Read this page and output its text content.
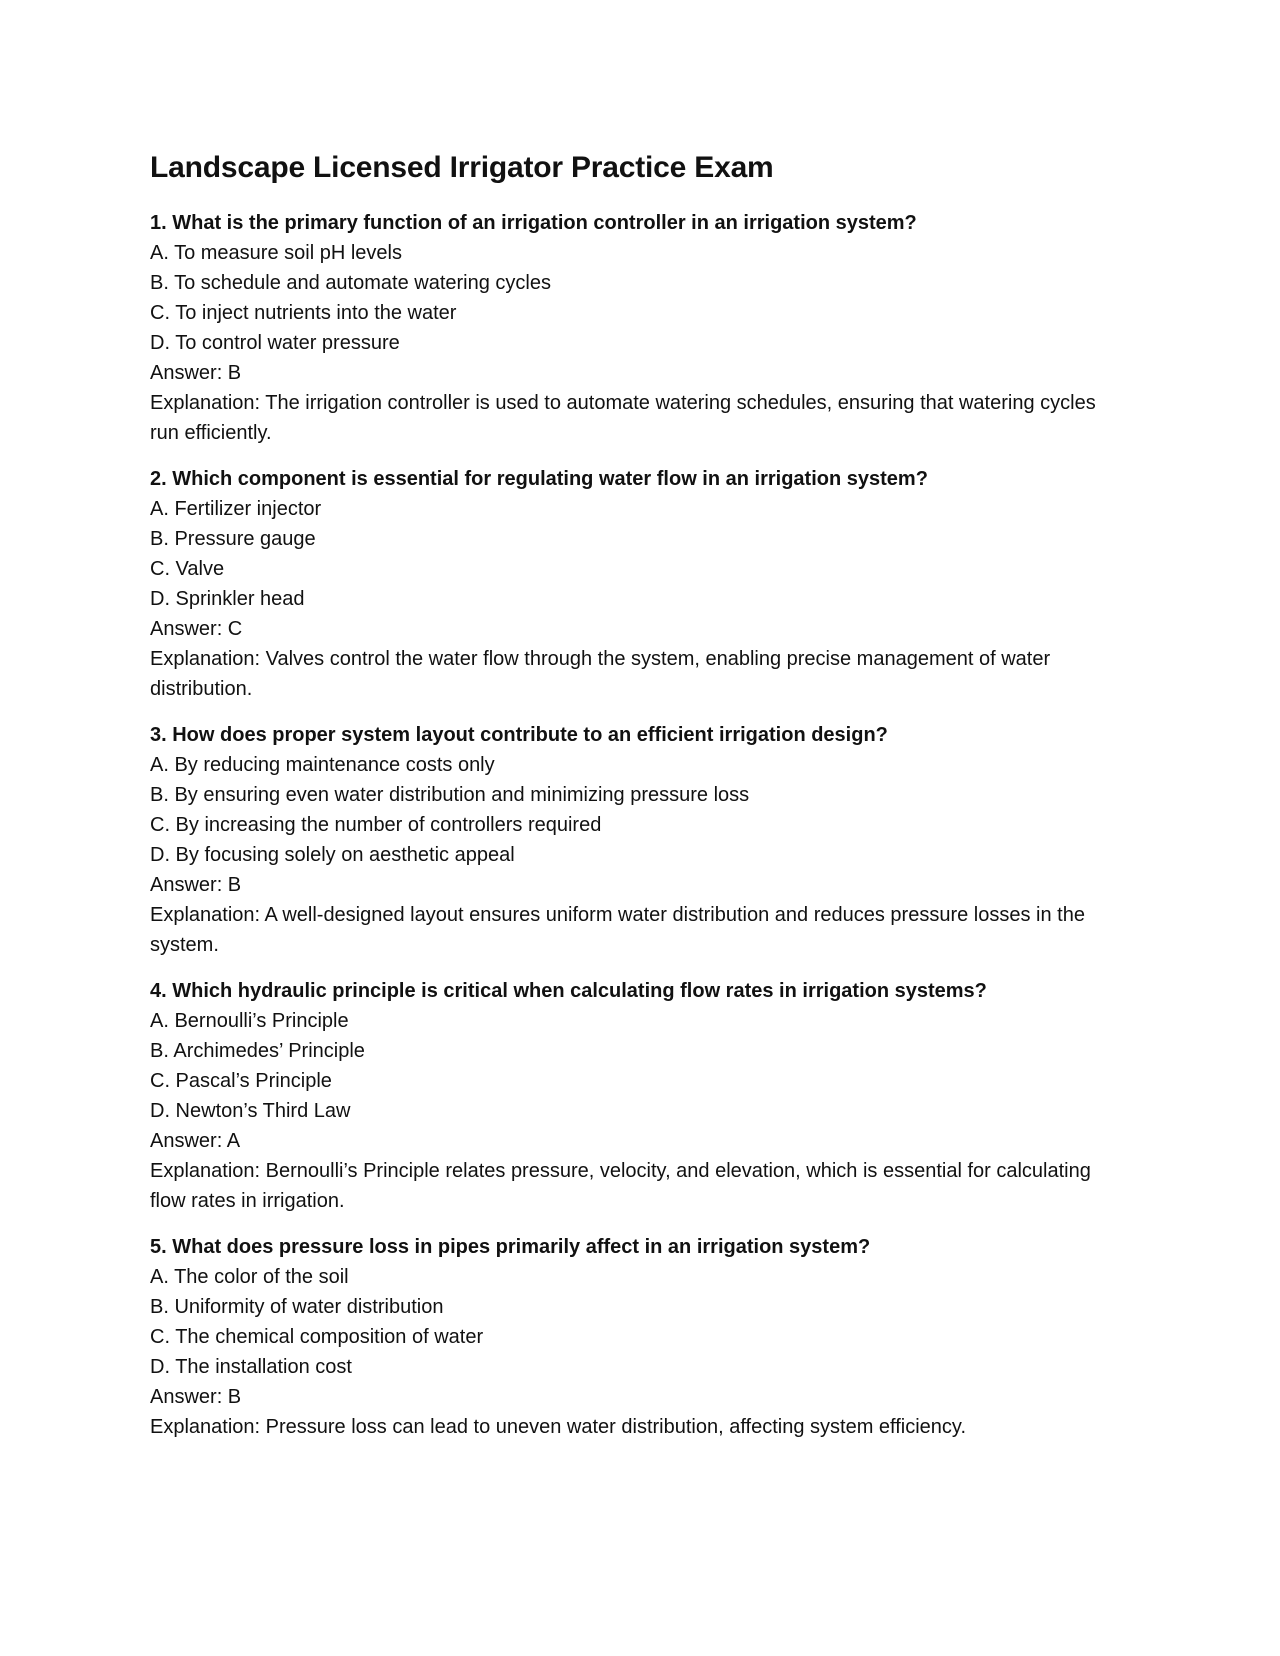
Landscape Licensed Irrigator Practice Exam

1. What is the primary function of an irrigation controller in an irrigation system?

A. To measure soil pH levels

B. To schedule and automate watering cycles

C. To inject nutrients into the water

D. To control water pressure

Answer: B

Explanation: The irrigation controller is used to automate watering schedules, ensuring that watering cycles run efficiently.

2. Which component is essential for regulating water flow in an irrigation system?

A. Fertilizer injector

B. Pressure gauge

C. Valve

D. Sprinkler head

Answer: C

Explanation: Valves control the water flow through the system, enabling precise management of water distribution.

3. How does proper system layout contribute to an efficient irrigation design?

A. By reducing maintenance costs only

B. By ensuring even water distribution and minimizing pressure loss

C. By increasing the number of controllers required

D. By focusing solely on aesthetic appeal

Answer: B

Explanation: A well-designed layout ensures uniform water distribution and reduces pressure losses in the system.

4. Which hydraulic principle is critical when calculating flow rates in irrigation systems?

A. Bernoulli’s Principle

B. Archimedes’ Principle

C. Pascal’s Principle

D. Newton’s Third Law

Answer: A

Explanation: Bernoulli’s Principle relates pressure, velocity, and elevation, which is essential for calculating flow rates in irrigation.

5. What does pressure loss in pipes primarily affect in an irrigation system?

A. The color of the soil

B. Uniformity of water distribution

C. The chemical composition of water

D. The installation cost

Answer: B

Explanation: Pressure loss can lead to uneven water distribution, affecting system efficiency.
